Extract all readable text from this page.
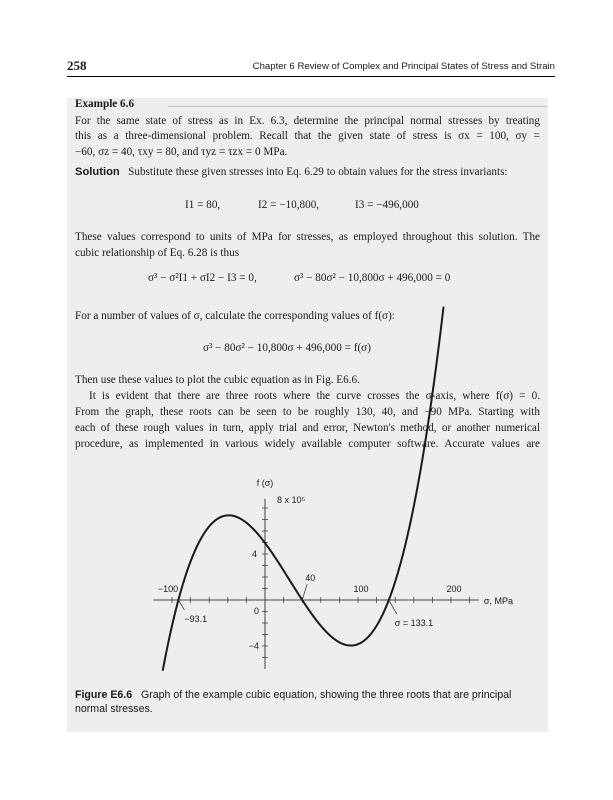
258	Chapter 6 Review of Complex and Principal States of Stress and Strain
Example 6.6
For the same state of stress as in Ex. 6.3, determine the principal normal stresses by treating
this as a three-dimensional problem. Recall that the given state of stress is σx = 100, σy =
−60, σz = 40, τxy = 80, and τyz = τzx = 0 MPa.
Solution Substitute these given stresses into Eq. 6.29 to obtain values for the stress invariants:
I1 = 80,	I2 = −10,800,	I3 = −496,000
These values correspond to units of MPa for stresses, as employed throughout this solution. The
cubic relationship of Eq. 6.28 is thus
σ³ − σ²I1 + σI2 − I3 = 0,	σ³ − 80σ² − 10,800σ + 496,000 = 0
For a number of values of σ, calculate the corresponding values of f(σ):
σ³ − 80σ² − 10,800σ + 496,000 = f(σ)
Then use these values to plot the cubic equation as in Fig. E6.6.
It is evident that there are three roots where the curve crosses the σ-axis, where f(σ) = 0.
From the graph, these roots can be seen to be roughly 130, 40, and −90 MPa. Starting with
each of these rough values in turn, apply trial and error, Newton's method, or another numerical
procedure, as implemented in various widely available computer software. Accurate values are
f (σ)
8 x 10⁵
−100	100	200
4
−4
0
σ, MPa
−93.1
40
σ = 133.1
Figure E6.6 Graph of the example cubic equation, showing the three roots that are principal normal stresses.
